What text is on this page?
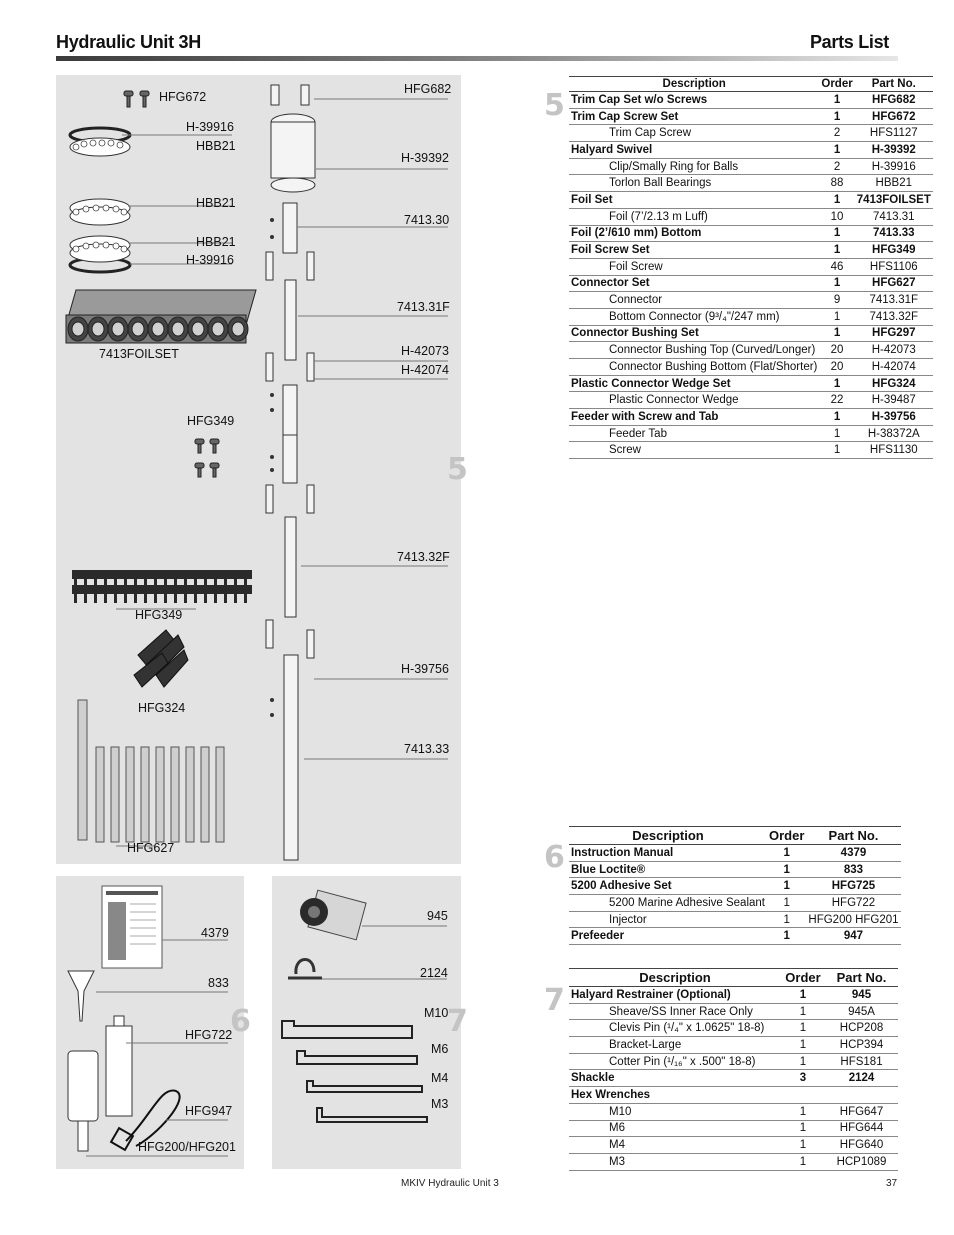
Hydraulic Unit 3H	Parts List
HFG672
H-39916
HBB21
HBB21
HBB21
H-39916
7413FOILSET
HFG349
HFG349
HFG324
HFG627
HFG682
H-39392
7413.30
7413.31F
H-42073
H-42074
7413.32F
H-39756
7413.33
5
4379
833
HFG722
HFG947
HFG200/HFG201
6
945
2124
M10
M6
M4
M3
7
5
Description	Order	Part No.
Trim Cap Set w/o Screws	1	HFG682
Trim Cap Screw Set	1	HFG672
Trim Cap Screw	2	HFS1127
Halyard Swivel	1	H-39392
Clip/Smally Ring for Balls	2	H-39916
Torlon Ball Bearings	88	HBB21
Foil Set	1	7413FOILSET
Foil (7’/2.13 m Luff)	10	7413.31
Foil (2’/610 mm) Bottom	1	7413.33
Foil Screw Set	1	HFG349
Foil Screw	46	HFS1106
Connector Set	1	HFG627
Connector	9	7413.31F
Bottom Connector (9³/₄"/247 mm)	1	7413.32F
Connector Bushing Set	1	HFG297
Connector Bushing Top (Curved/Longer)	20	H-42073
Connector Bushing Bottom (Flat/Shorter)	20	H-42074
Plastic Connector Wedge Set	1	HFG324
Plastic Connector Wedge	22	H-39487
Feeder with Screw and Tab	1	H-39756
Feeder Tab	1	H-38372A
Screw	1	HFS1130
6
Description	Order	Part No.
Instruction Manual	1	4379
Blue Loctite®	1	833
5200 Adhesive Set	1	HFG725
5200 Marine Adhesive Sealant	1	HFG722
Injector	1	HFG200 HFG201
Prefeeder	1	947
7
Description	Order	Part No.
Halyard Restrainer (Optional)	1	945
Sheave/SS Inner Race Only	1	945A
Clevis Pin (¹/₄" x 1.0625" 18-8)	1	HCP208
Bracket-Large	1	HCP394
Cotter Pin (¹/₁₆" x .500" 18-8)	1	HFS181
Shackle	3	2124
Hex Wrenches		
M10	1	HFG647
M6	1	HFG644
M4	1	HFG640
M3	1	HCP1089
MKIV Hydraulic Unit 3	37
